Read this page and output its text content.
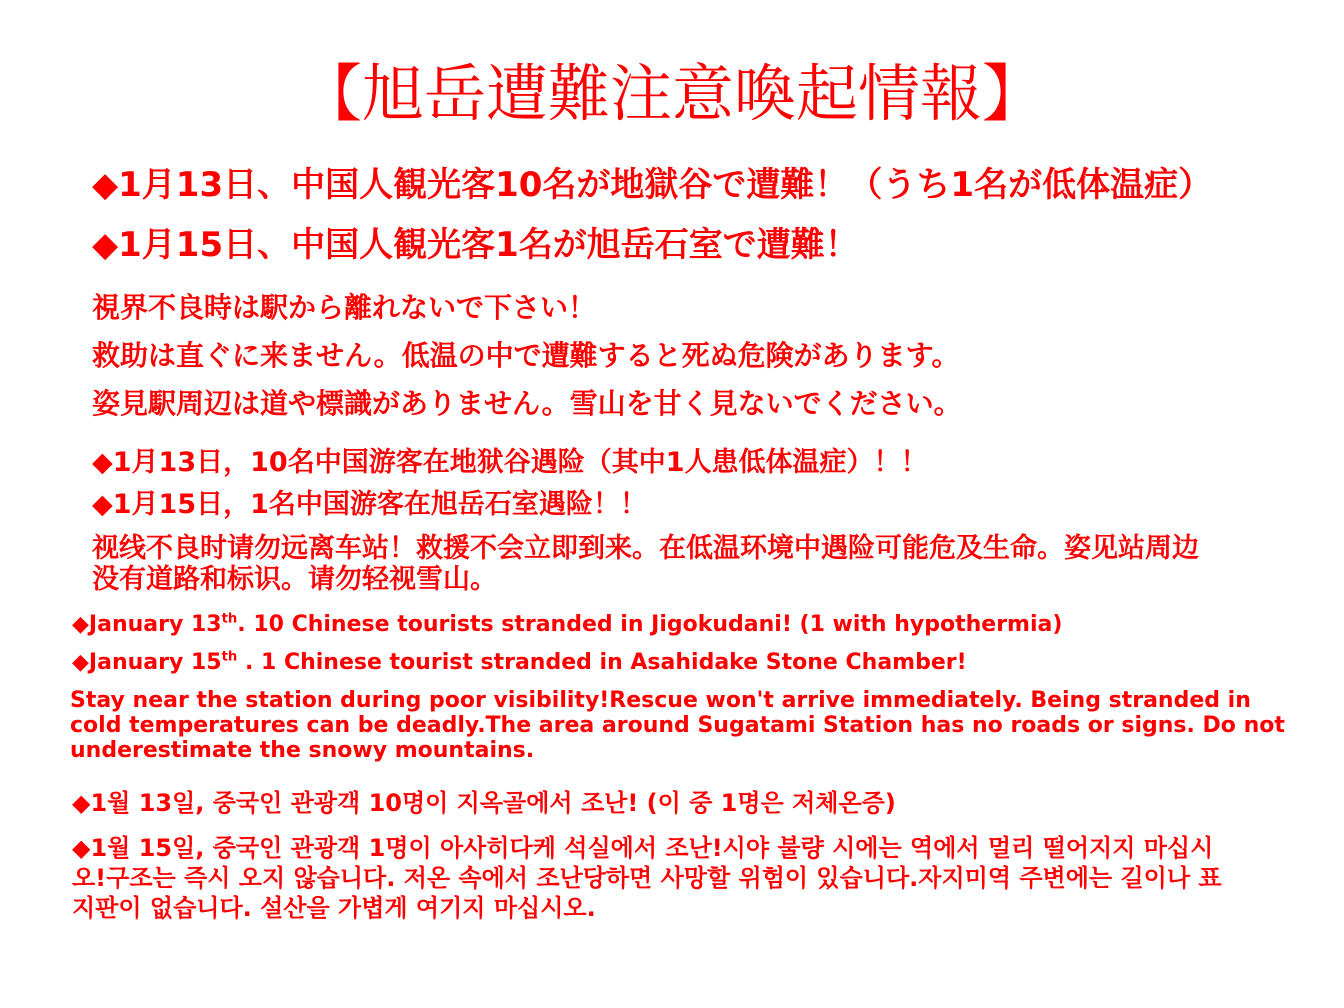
【旭岳遭難注意喚起情報】
◆1月13日、中国人観光客10名が地獄谷で遭難！（うち1名が低体温症）
◆1月15日、中国人観光客1名が旭岳石室で遭難！
視界不良時は駅から離れないで下さい！
救助は直ぐに来ません。低温の中で遭難すると死ぬ危険があります。
姿見駅周辺は道や標識がありません。雪山を甘く見ないでください。
◆1月13日，10名中国游客在地狱谷遇险（其中1人患低体温症）！！
◆1月15日，1名中国游客在旭岳石室遇险！！
视线不良时请勿远离车站！救援不会立即到来。在低温环境中遇险可能危及生命。姿见站周边没有道路和标识。请勿轻视雪山。
◆January 13th. 10 Chinese tourists stranded in Jigokudani! (1 with hypothermia)
◆January 15th . 1 Chinese tourist stranded in Asahidake Stone Chamber!
Stay near the station during poor visibility!Rescue won't arrive immediately. Being stranded in cold temperatures can be deadly.The area around Sugatami Station has no roads or signs. Do not underestimate the snowy mountains.
◆1월 13일, 중국인 관광객 10명이 지옥골에서 조난! (이 중 1명은 저체온증)
◆1월 15일, 중국인 관광객 1명이 아사히다케 석실에서 조난!시야 불량 시에는 역에서 멀리 떨어지지 마십시오!구조는 즉시 오지 않습니다. 저온 속에서 조난당하면 사망할 위험이 있습니다.자지미역 주변에는 길이나 표지판이 없습니다. 설산을 가볍게 여기지 마십시오.
